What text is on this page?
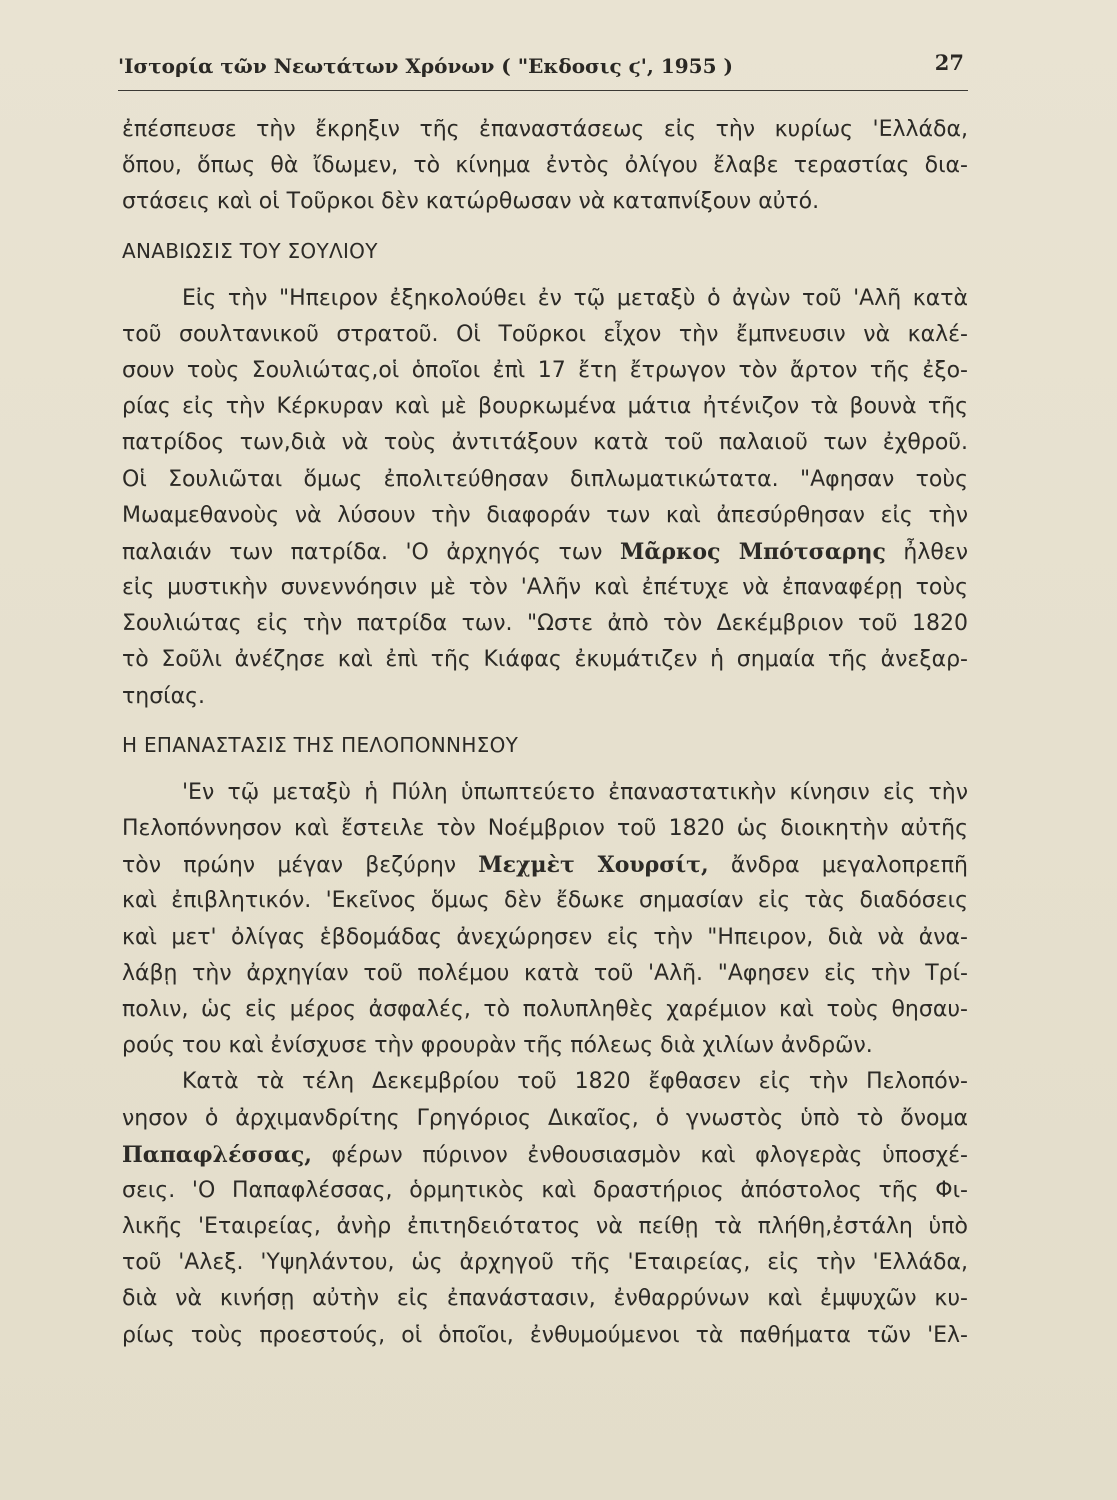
'Ιστορία τῶν Νεωτάτων Χρόνων ( "Εκδοσις ϛ', 1955 )	27
ἐπέσπευσε τὴν ἔκρηξιν τῆς ἐπαναστάσεως εἰς τὴν κυρίως 'Ελλάδα,
ὅπου, ὅπως θὰ ἴδωμεν, τὸ κίνημα ἐντὸς ὀλίγου ἔλαβε τεραστίας δια-
στάσεις καὶ οἱ Τοῦρκοι δὲν κατώρθωσαν νὰ καταπνίξουν αὐτό.
ΑΝΑΒΙΩΣΙΣ ΤΟΥ ΣΟΥΛΙΟΥ
Εἰς τὴν "Ηπειρον ἐξηκολούθει ἐν τῷ μεταξὺ ὁ ἀγὼν τοῦ 'Αλῆ κατὰ
τοῦ σουλτανικοῦ στρατοῦ. Οἱ Τοῦρκοι εἶχον τὴν ἔμπνευσιν νὰ καλέ-
σουν τοὺς Σουλιώτας,οἱ ὁποῖοι ἐπὶ 17 ἔτη ἔτρωγον τὸν ἄρτον τῆς ἐξο-
ρίας εἰς τὴν Κέρκυραν καὶ μὲ βουρκωμένα μάτια ἠτένιζον τὰ βουνὰ τῆς
πατρίδος των,διὰ νὰ τοὺς ἀντιτάξουν κατὰ τοῦ παλαιοῦ των ἐχθροῦ.
Οἱ Σουλιῶται ὅμως ἐπολιτεύθησαν διπλωματικώτατα. "Αφησαν τοὺς
Μωαμεθανοὺς νὰ λύσουν τὴν διαφοράν των καὶ ἀπεσύρθησαν εἰς τὴν
παλαιάν των πατρίδα. 'Ο ἀρχηγός των Μᾶρκος Μπότσαρης ἦλθεν
εἰς μυστικὴν συνεννόησιν μὲ τὸν 'Αλῆν καὶ ἐπέτυχε νὰ ἐπαναφέρῃ τοὺς
Σουλιώτας εἰς τὴν πατρίδα των. "Ωστε ἀπὸ τὸν Δεκέμβριον τοῦ 1820
τὸ Σοῦλι ἀνέζησε καὶ ἐπὶ τῆς Κιάφας ἐκυμάτιζεν ἡ σημαία τῆς ἀνεξαρ-
τησίας.
Η ΕΠΑΝΑΣΤΑΣΙΣ ΤΗΣ ΠΕΛΟΠΟΝΝΗΣΟΥ
'Εν τῷ μεταξὺ ἡ Πύλη ὑπωπτεύετο ἐπαναστατικὴν κίνησιν εἰς τὴν
Πελοπόννησον καὶ ἔστειλε τὸν Νοέμβριον τοῦ 1820 ὡς διοικητὴν αὐτῆς
τὸν πρώην μέγαν βεζύρην Μεχμὲτ Χουρσίτ, ἄνδρα μεγαλοπρεπῆ
καὶ ἐπιβλητικόν. 'Εκεῖνος ὅμως δὲν ἔδωκε σημασίαν εἰς τὰς διαδόσεις
καὶ μετ' ὀλίγας ἑβδομάδας ἀνεχώρησεν εἰς τὴν "Ηπειρον, διὰ νὰ ἀνα-
λάβῃ τὴν ἀρχηγίαν τοῦ πολέμου κατὰ τοῦ 'Αλῆ. "Αφησεν εἰς τὴν Τρί-
πολιν, ὡς εἰς μέρος ἀσφαλές, τὸ πολυπληθὲς χαρέμιον καὶ τοὺς θησαυ-
ρούς του καὶ ἐνίσχυσε τὴν φρουρὰν τῆς πόλεως διὰ χιλίων ἀνδρῶν.
Κατὰ τὰ τέλη Δεκεμβρίου τοῦ 1820 ἔφθασεν εἰς τὴν Πελοπόν-
νησον ὁ ἀρχιμανδρίτης Γρηγόριος Δικαῖος, ὁ γνωστὸς ὑπὸ τὸ ὄνομα
Παπαφλέσσας, φέρων πύρινον ἐνθουσιασμὸν καὶ φλογερὰς ὑποσχέ-
σεις. 'Ο Παπαφλέσσας, ὁρμητικὸς καὶ δραστήριος ἀπόστολος τῆς Φι-
λικῆς 'Εταιρείας, ἀνὴρ ἐπιτηδειότατος νὰ πείθῃ τὰ πλήθη,ἐστάλη ὑπὸ
τοῦ 'Αλεξ. 'Υψηλάντου, ὡς ἀρχηγοῦ τῆς 'Εταιρείας, εἰς τὴν 'Ελλάδα,
διὰ νὰ κινήσῃ αὐτὴν εἰς ἐπανάστασιν, ἐνθαρρύνων καὶ ἐμψυχῶν κυ-
ρίως τοὺς προεστούς, οἱ ὁποῖοι, ἐνθυμούμενοι τὰ παθήματα τῶν 'Ελ-
